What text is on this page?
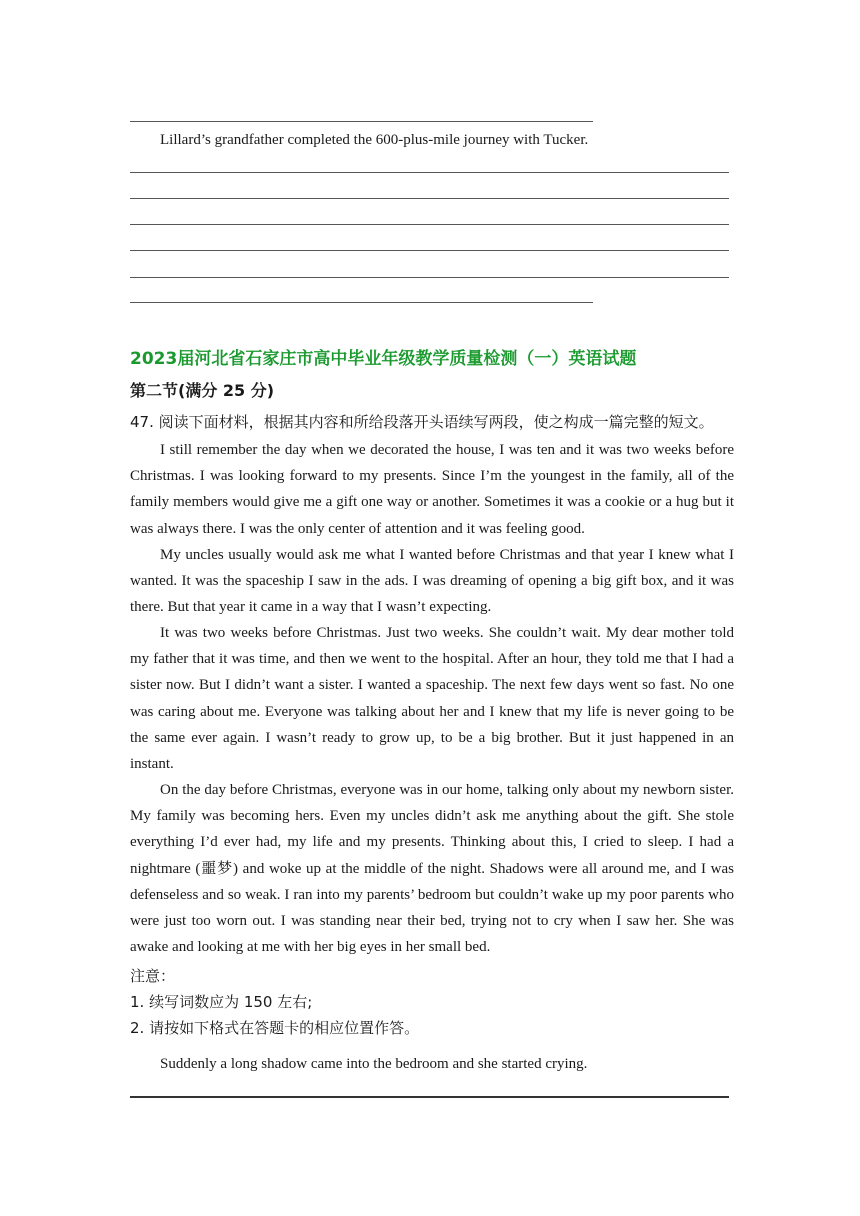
Lillard’s grandfather completed the 600-plus-mile journey with Tucker.
2023届河北省石家庄市高中毕业年级教学质量检测（一）英语试题
第二节(满分 25 分)
47. 阅读下面材料，根据其内容和所给段落开头语续写两段，使之构成一篇完整的短文。
I still remember the day when we decorated the house, I was ten and it was two weeks before Christmas. I was looking forward to my presents. Since I’m the youngest in the family, all of the family members would give me a gift one way or another. Sometimes it was a cookie or a hug but it was always there. I was the only center of attention and it was feeling good.
My uncles usually would ask me what I wanted before Christmas and that year I knew what I wanted. It was the spaceship I saw in the ads. I was dreaming of opening a big gift box, and it was there. But that year it came in a way that I wasn’t expecting.
It was two weeks before Christmas. Just two weeks. She couldn’t wait. My dear mother told my father that it was time, and then we went to the hospital. After an hour, they told me that I had a sister now. But I didn’t want a sister. I wanted a spaceship. The next few days went so fast. No one was caring about me. Everyone was talking about her and I knew that my life is never going to be the same ever again. I wasn’t ready to grow up, to be a big brother. But it just happened in an instant.
On the day before Christmas, everyone was in our home, talking only about my newborn sister. My family was becoming hers. Even my uncles didn’t ask me anything about the gift. She stole everything I’d ever had, my life and my presents. Thinking about this, I cried to sleep. I had a nightmare (噩梦) and woke up at the middle of the night. Shadows were all around me, and I was defenseless and so weak. I ran into my parents’ bedroom but couldn’t wake up my poor parents who were just too worn out. I was standing near their bed, trying not to cry when I saw her. She was awake and looking at me with her big eyes in her small bed.
注意：
1. 续写词数应为 150 左右;
2. 请按如下格式在答题卡的相应位置作答。
Suddenly a long shadow came into the bedroom and she started crying.
